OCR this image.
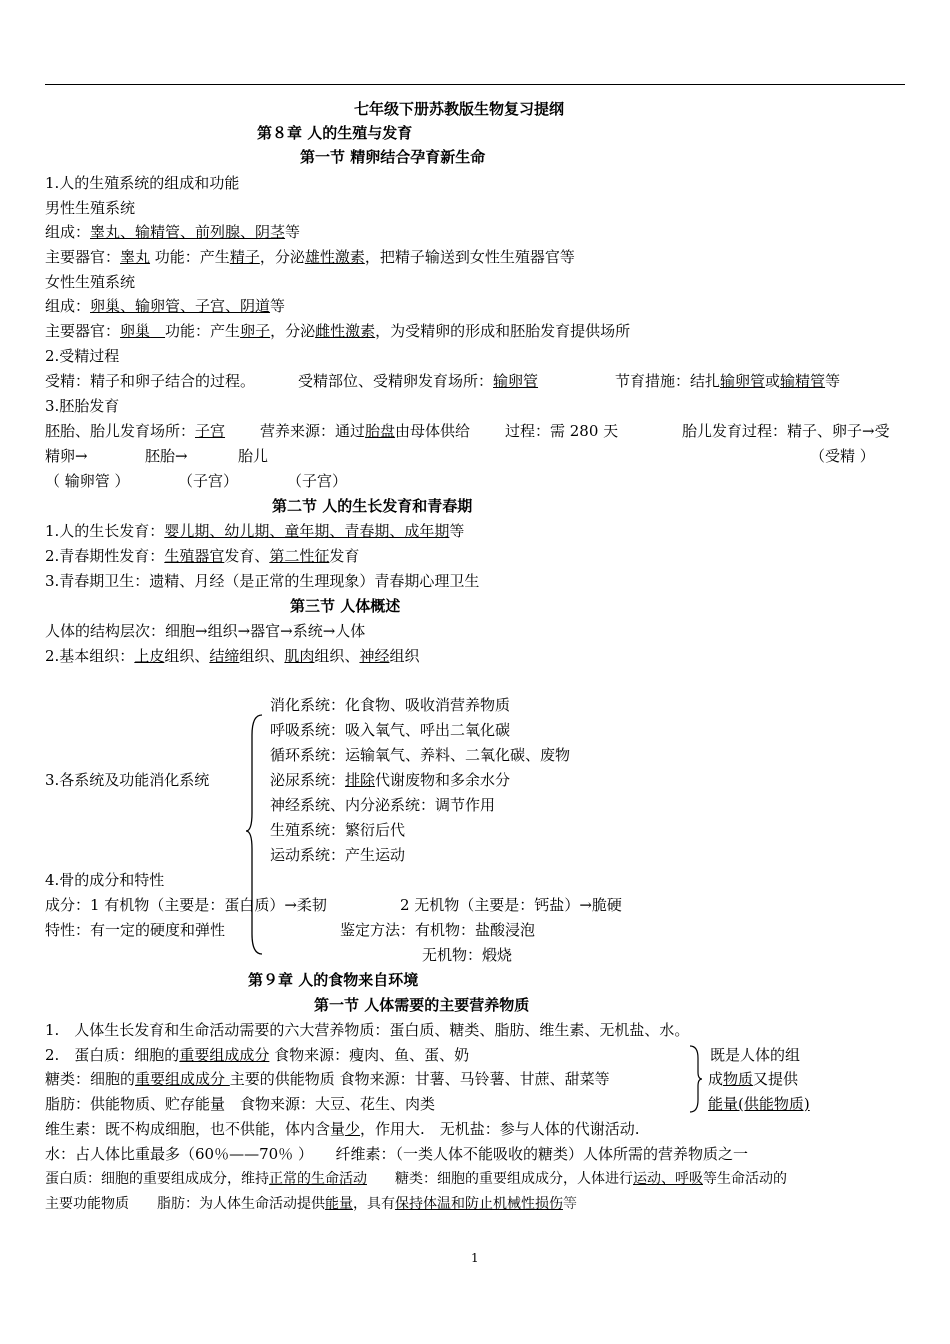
七年级下册苏教版生物复习提纲
第８章 人的生殖与发育
第一节 精卵结合孕育新生命
1.人的生殖系统的组成和功能
男性生殖系统
组成：睾丸、输精管、前列腺、阴茎等
主要器官：睾丸 功能：产生精子，分泌雄性激素，把精子输送到女性生殖器官等
女性生殖系统
组成：卵巢、输卵管、子宫、阴道等
主要器官：卵巢　 功能：产生卵子，分泌雌性激素，为受精卵的形成和胚胎发育提供场所
2.受精过程
受精：精子和卵子结合的过程。	受精部位、受精卵发育场所：输卵管	节育措施：结扎输卵管或输精管等
3.胚胎发育
胚胎、胎儿发育场所：子宫 营养来源：通过胎盘由母体供给 过程：需 280 天	胎儿发育过程：精子、卵子→受
精卵→	胚胎→	胎儿	（受精 ）
（ 输卵管 ）	（子宫）	（子宫）
第二节 人的生长发育和青春期
1.人的生长发育：婴儿期、幼儿期、童年期、青春期、成年期等
2.青春期性发育：生殖器官发育、第二性征发育
3.青春期卫生：遗精、月经（是正常的生理现象）青春期心理卫生
第三节 人体概述
人体的结构层次：细胞→组织→器官→系统→人体
2.基本组织：上皮组织、结缔组织、肌肉组织、神经组织
消化系统：化食物、吸收消营养物质
呼吸系统：吸入氧气、呼出二氧化碳
循环系统：运输氧气、养料、二氧化碳、废物
泌尿系统：排除代谢废物和多余水分
3.各系统及功能消化系统
神经系统、内分泌系统：调节作用
生殖系统：繁衍后代
运动系统：产生运动
4.骨的成分和特性
成分：1 有机物（主要是：蛋白质）→柔韧	2 无机物（主要是：钙盐）→脆硬
特性：有一定的硬度和弹性	鉴定方法：有机物：盐酸浸泡
无机物：煅烧
第９章 人的食物来自环境
第一节 人体需要的主要营养物质
1.　人体生长发育和生命活动需要的六大营养物质：蛋白质、糖类、脂肪、维生素、无机盐、水。
2.　蛋白质：细胞的重要组成成分 食物来源：瘦肉、鱼、蛋、奶
糖类：细胞的重要组成成分 主要的供能物质 食物来源：甘薯、马铃薯、甘蔗、甜菜等
脂肪：供能物质、贮存能量　食物来源：大豆、花生、肉类
既是人体的组
成物质又提供
能量(供能物质)
维生素：既不构成细胞，也不供能，体内含量少，作用大.　无机盐：参与人体的代谢活动.
水：占人体比重最多（60％——70％ ）　　纤维素：（一类人体不能吸收的糖类）人体所需的营养物质之一
蛋白质：细胞的重要组成成分，维持正常的生命活动　　糖类：细胞的重要组成成分，人体进行运动、呼吸等生命活动的
主要功能物质　　脂肪：为人体生命活动提供能量，具有保持体温和防止机械性损伤等
1
